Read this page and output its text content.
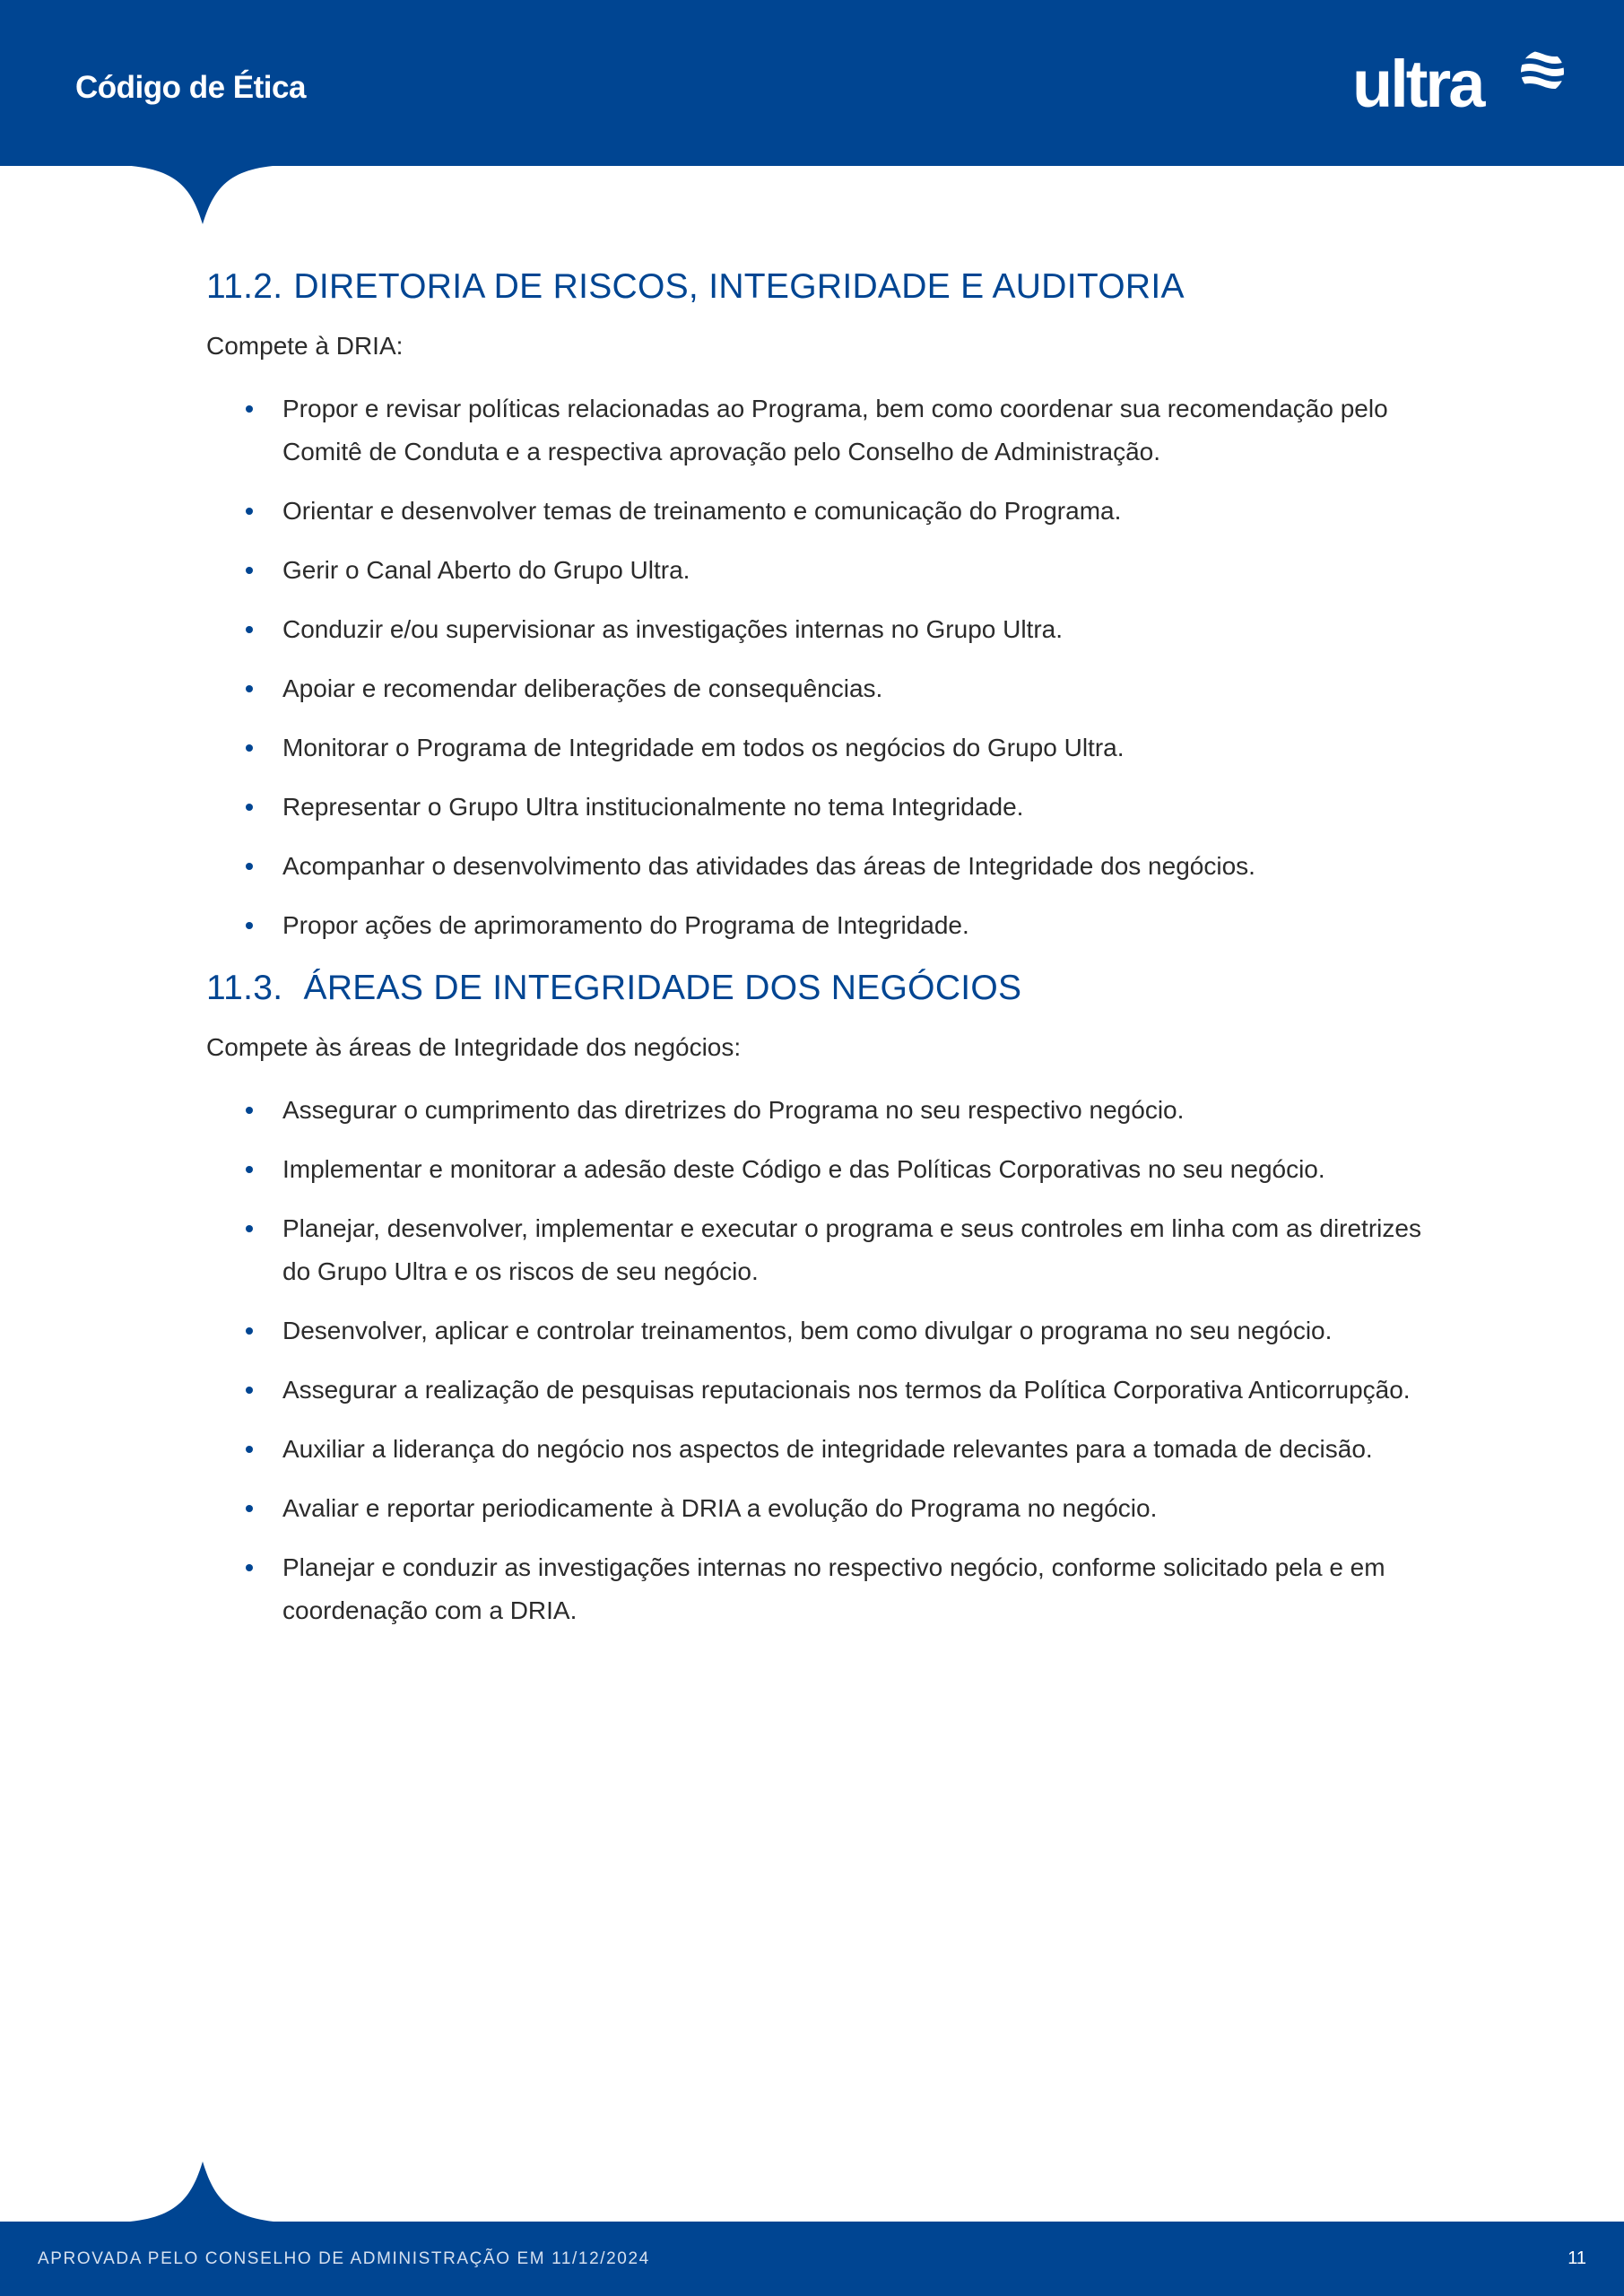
Código de Ética	ultra
11.2. DIRETORIA DE RISCOS, INTEGRIDADE E AUDITORIA

Compete à DRIA:

Propor e revisar políticas relacionadas ao Programa, bem como coordenar sua recomendação pelo Comitê de Conduta e a respectiva aprovação pelo Conselho de Administração.
Orientar e desenvolver temas de treinamento e comunicação do Programa.
Gerir o Canal Aberto do Grupo Ultra.
Conduzir e/ou supervisionar as investigações internas no Grupo Ultra.
Apoiar e recomendar deliberações de consequências.
Monitorar o Programa de Integridade em todos os negócios do Grupo Ultra.
Representar o Grupo Ultra institucionalmente no tema Integridade.
Acompanhar o desenvolvimento das atividades das áreas de Integridade dos negócios.
Propor ações de aprimoramento do Programa de Integridade.
11.3. ÁREAS DE INTEGRIDADE DOS NEGÓCIOS

Compete às áreas de Integridade dos negócios:

Assegurar o cumprimento das diretrizes do Programa no seu respectivo negócio.
Implementar e monitorar a adesão deste Código e das Políticas Corporativas no seu negócio.
Planejar, desenvolver, implementar e executar o programa e seus controles em linha com as diretrizes do Grupo Ultra e os riscos de seu negócio.
Desenvolver, aplicar e controlar treinamentos, bem como divulgar o programa no seu negócio.
Assegurar a realização de pesquisas reputacionais nos termos da Política Corporativa Anticorrupção.
Auxiliar a liderança do negócio nos aspectos de integridade relevantes para a tomada de decisão.
Avaliar e reportar periodicamente à DRIA a evolução do Programa no negócio.
Planejar e conduzir as investigações internas no respectivo negócio, conforme solicitado pela e em coordenação com a DRIA.
APROVADA PELO CONSELHO DE ADMINISTRAÇÃO EM 11/12/2024	11
